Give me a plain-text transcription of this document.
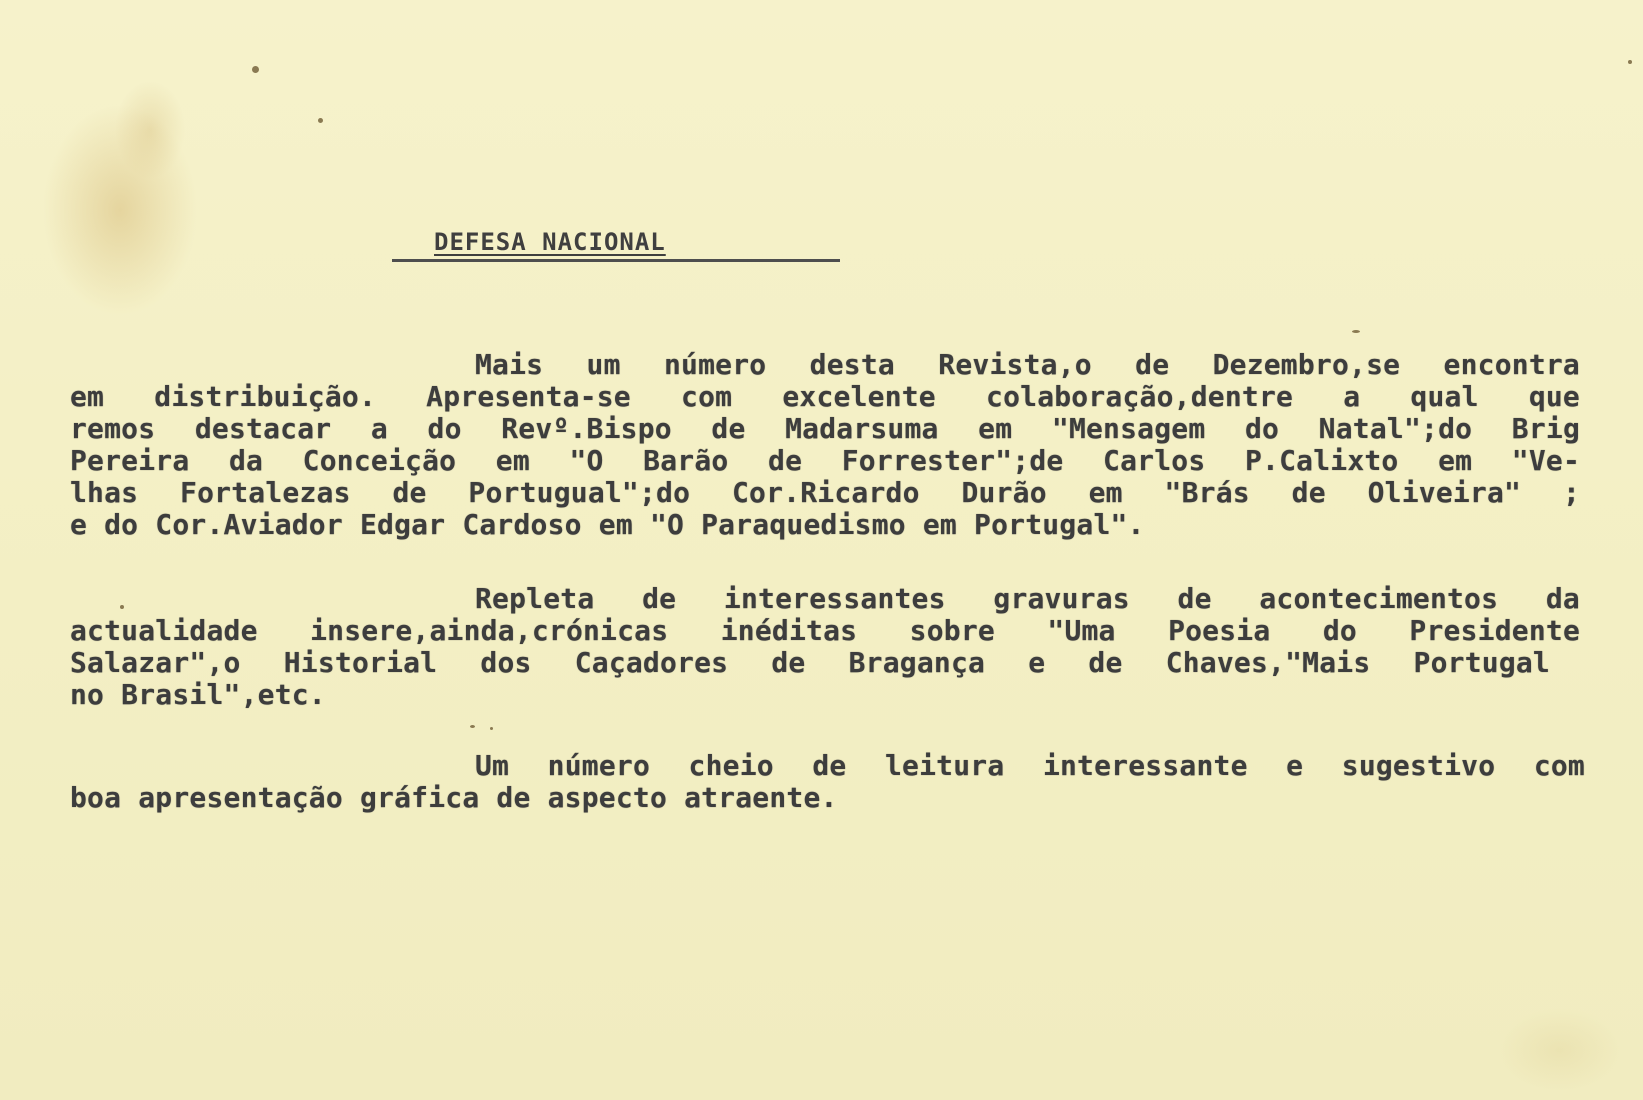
DEFESA NACIONAL
Mais um número desta Revista,o de Dezembro,se encontra
em distribuição. Apresenta-se com excelente colaboração,dentre a qual que
remos destacar a do Revº.Bispo de Madarsuma em "Mensagem do Natal";do Brig
Pereira da Conceição em "O Barão de Forrester";de Carlos P.Calixto em "Ve-
lhas Fortalezas de Portugual";do Cor.Ricardo Durão em "Brás de Oliveira" ;
e do Cor.Aviador Edgar Cardoso em "O Paraquedismo em Portugal".
Repleta de interessantes gravuras de acontecimentos da
actualidade insere,ainda,crónicas inéditas sobre "Uma Poesia do Presidente
Salazar",o Historial dos Caçadores de Bragança e de Chaves,"Mais Portugal
no Brasil",etc.
Um número cheio de leitura interessante e sugestivo com
boa apresentação gráfica de aspecto atraente.
